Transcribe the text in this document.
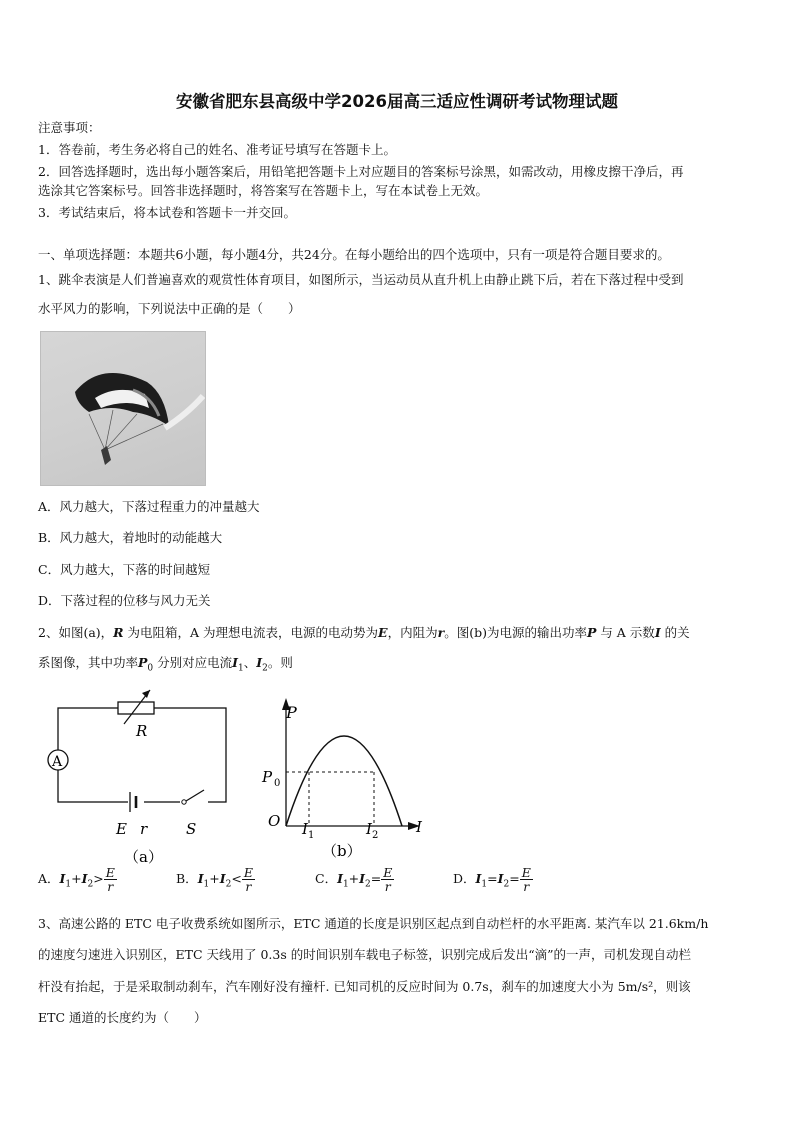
安徽省肥东县高级中学2026届高三适应性调研考试物理试题
注意事项：
1．答卷前，考生务必将自己的姓名、准考证号填写在答题卡上。
2．回答选择题时，选出每小题答案后，用铅笔把答题卡上对应题目的答案标号涂黑，如需改动，用橡皮擦干净后，再
选涂其它答案标号。回答非选择题时，将答案写在答题卡上，写在本试卷上无效。
3．考试结束后，将本试卷和答题卡一并交回。
一、单项选择题：本题共6小题，每小题4分，共24分。在每小题给出的四个选项中，只有一项是符合题目要求的。
1、跳伞表演是人们普遍喜欢的观赏性体育项目，如图所示，当运动员从直升机上由静止跳下后，若在下落过程中受到
水平风力的影响，下列说法中正确的是（　　）
A．风力越大，下落过程重力的冲量越大
B．风力越大，着地时的动能越大
C．风力越大，下落的时间越短
D．下落过程的位移与风力无关
2、如图(a)，R 为电阻箱，A 为理想电流表，电源的电动势为E，内阻为r。图(b)为电源的输出功率P 与 A 示数I 的关
系图像，其中功率$P_0$ 分别对应电流$I_1$、$I_2$。则
R
A
E r	S
（a）
P
P 0
O I 1	I 2	I
（b）
A．$I_1+I_2> \frac{E}{r}$	B．$I_1+I_2< \frac{E}{r}$	C．$I_1+I_2= \frac{E}{r}$	D．$I_1=I_2= \frac{E}{r}$
3、高速公路的 ETC 电子收费系统如图所示，ETC 通道的长度是识别区起点到自动栏杆的水平距离. 某汽车以 21.6km/h
的速度匀速进入识别区，ETC 天线用了 0.3s 的时间识别车载电子标签，识别完成后发出“滴”的一声，司机发现自动栏
杆没有抬起，于是采取制动刹车，汽车刚好没有撞杆. 已知司机的反应时间为 0.7s，刹车的加速度大小为 5m/s²，则该
ETC 通道的长度约为（　　）
